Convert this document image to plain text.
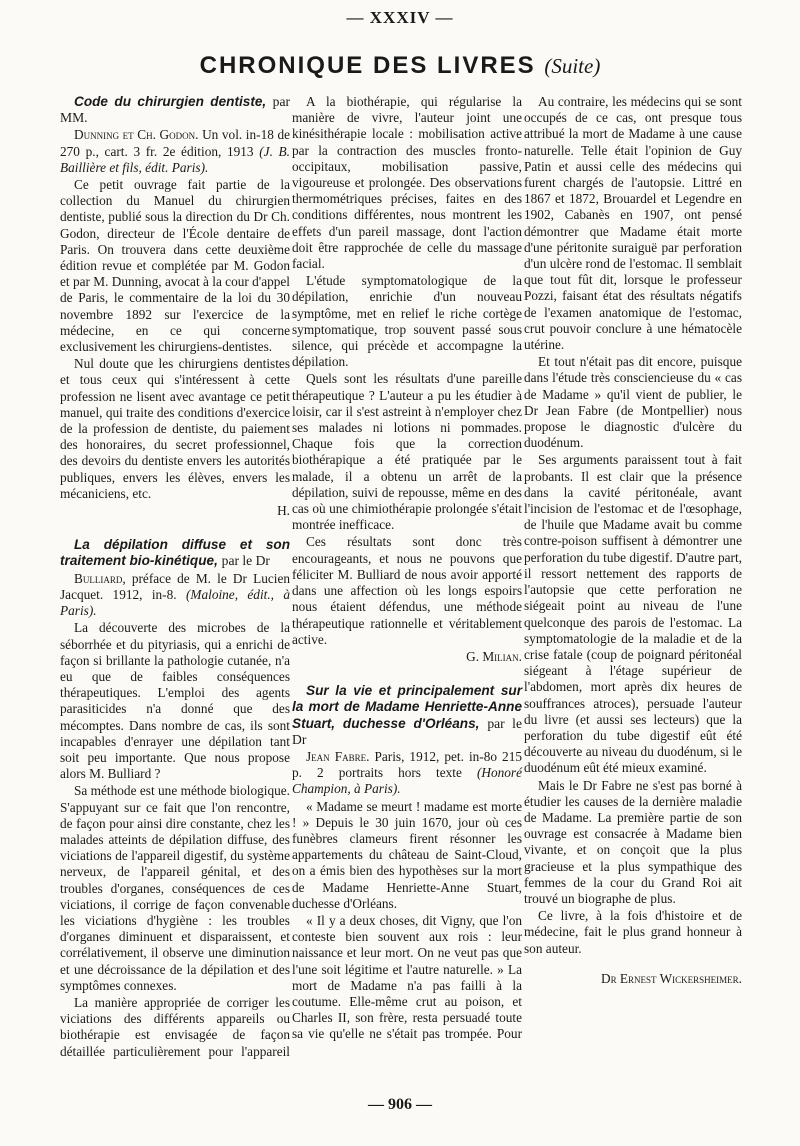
— XXXIV —
CHRONIQUE DES LIVRES (Suite)

Code du chirurgien dentiste, par MM.

Dunning et Ch. Godon. Un vol. in-18 de 270 p., cart. 3 fr. 2e édition, 1913 (J. B. Baillière et fils, édit. Paris).

Ce petit ouvrage fait partie de la collection du Manuel du chirurgien dentiste, publié sous la direction du Dr Ch. Godon, directeur de l'École dentaire de Paris. On trouvera dans cette deuxième édition revue et complétée par M. Godon et par M. Dunning, avocat à la cour d'appel de Paris, le commentaire de la loi du 30 novembre 1892 sur l'exercice de la médecine, en ce qui concerne exclusivement les chirurgiens-dentistes.

Nul doute que les chirurgiens dentistes et tous ceux qui s'intéressent à cette profession ne lisent avec avantage ce petit manuel, qui traite des conditions d'exercice de la profession de dentiste, du paiement des honoraires, du secret professionnel, des devoirs du dentiste envers les autorités publiques, envers les élèves, envers les mécaniciens, etc.

H.

La dépilation diffuse et son traitement bio-kinétique, par le Dr

Bulliard, préface de M. le Dr Lucien Jacquet. 1912, in-8. (Maloine, édit., à Paris).

La découverte des microbes de la séborrhée et du pityriasis, qui a enrichi de façon si brillante la pathologie cutanée, n'a eu que de faibles conséquences thérapeutiques. L'emploi des agents parasiticides n'a donné que des mécomptes. Dans nombre de cas, ils sont incapables d'enrayer une dépilation tant soit peu importante. Que nous propose alors M. Bulliard ?

Sa méthode est une méthode biologique. S'appuyant sur ce fait que l'on rencontre, de façon pour ainsi dire constante, chez les malades atteints de dépilation diffuse, des viciations de l'appareil digestif, du système nerveux, de l'appareil génital, et des troubles d'organes, conséquences de ces viciations, il corrige de façon convenable les viciations d'hygiène : les troubles d'organes diminuent et disparaissent, et corrélativement, il observe une diminution et une décroissance de la dépilation et des symptômes connexes.

La manière appropriée de corriger les viciations des différents appareils ou biothérapie est envisagée de façon détaillée particulièrement pour l'appareil

A la biothérapie, qui régularise la manière de vivre, l'auteur joint une kinésithérapie locale : mobilisation active par la contraction des muscles fronto-occipitaux, mobilisation passive, vigoureuse et prolongée. Des observations thermométriques précises, faites en des conditions différentes, nous montrent les effets d'un pareil massage, dont l'action doit être rapprochée de celle du massage facial.

L'étude symptomatologique de la dépilation, enrichie d'un nouveau symptôme, met en relief le riche cortège symptomatique, trop souvent passé sous silence, qui précède et accompagne la dépilation.

Quels sont les résultats d'une pareille thérapeutique ? L'auteur a pu les étudier à loisir, car il s'est astreint à n'employer chez ses malades ni lotions ni pommades. Chaque fois que la correction biothérapique a été pratiquée par le malade, il a obtenu un arrêt de la dépilation, suivi de repousse, même en des cas où une chimiothérapie prolongée s'était montrée inefficace.

Ces résultats sont donc très encourageants, et nous ne pouvons que féliciter M. Bulliard de nous avoir apporté dans une affection où les longs espoirs nous étaient défendus, une méthode thérapeutique rationnelle et véritablement active.

G. Milian.

Sur la vie et principalement sur la mort de Madame Henriette-Anne Stuart, duchesse d'Orléans, par le Dr

Jean Fabre. Paris, 1912, pet. in-8o 215 p. 2 portraits hors texte (Honoré Champion, à Paris).

« Madame se meurt ! madame est morte ! » Depuis le 30 juin 1670, jour où ces funèbres clameurs firent résonner les appartements du château de Saint-Cloud, on a émis bien des hypothèses sur la mort de Madame Henriette-Anne Stuart, duchesse d'Orléans.

« Il y a deux choses, dit Vigny, que l'on conteste bien souvent aux rois : leur naissance et leur mort. On ne veut pas que l'une soit légitime et l'autre naturelle. » La mort de Madame n'a pas failli à la coutume. Elle-même crut au poison, et Charles II, son frère, resta persuadé toute sa vie qu'elle ne s'était pas trompée. Pour

Au contraire, les médecins qui se sont occupés de ce cas, ont presque tous attribué la mort de Madame à une cause naturelle. Telle était l'opinion de Guy Patin et aussi celle des médecins qui furent chargés de l'autopsie. Littré en 1867 et 1872, Brouardel et Legendre en 1902, Cabanès en 1907, ont pensé démontrer que Madame était morte d'une péritonite suraiguë par perforation d'un ulcère rond de l'estomac. Il semblait que tout fût dit, lorsque le professeur Pozzi, faisant état des résultats négatifs de l'examen anatomique de l'estomac, crut pouvoir conclure à une hématocèle utérine.

Et tout n'était pas dit encore, puisque dans l'étude très consciencieuse du « cas de Madame » qu'il vient de publier, le Dr Jean Fabre (de Montpellier) nous propose le diagnostic d'ulcère du duodénum.

Ses arguments paraissent tout à fait probants. Il est clair que la présence dans la cavité péritonéale, avant l'incision de l'estomac et de l'œsophage, de l'huile que Madame avait bu comme contre-poison suffisent à démontrer une perforation du tube digestif. D'autre part, il ressort nettement des rapports de l'autopsie que cette perforation ne siégeait point au niveau de l'une quelconque des parois de l'estomac. La symptomatologie de la maladie et de la crise fatale (coup de poignard péritonéal siégeant à l'étage supérieur de l'abdomen, mort après dix heures de souffrances atroces), persuade l'auteur du livre (et aussi ses lecteurs) que la perforation du tube digestif eût été découverte au niveau du duodénum, si le duodénum eût été mieux examiné.

Mais le Dr Fabre ne s'est pas borné à étudier les causes de la dernière maladie de Madame. La première partie de son ouvrage est consacrée à Madame bien vivante, et on conçoit que la plus gracieuse et la plus sympathique des femmes de la cour du Grand Roi ait trouvé un biographe de plus.

Ce livre, à la fois d'histoire et de médecine, fait le plus grand honneur à son auteur.

Dr Ernest Wickersheimer.

— 906 —
